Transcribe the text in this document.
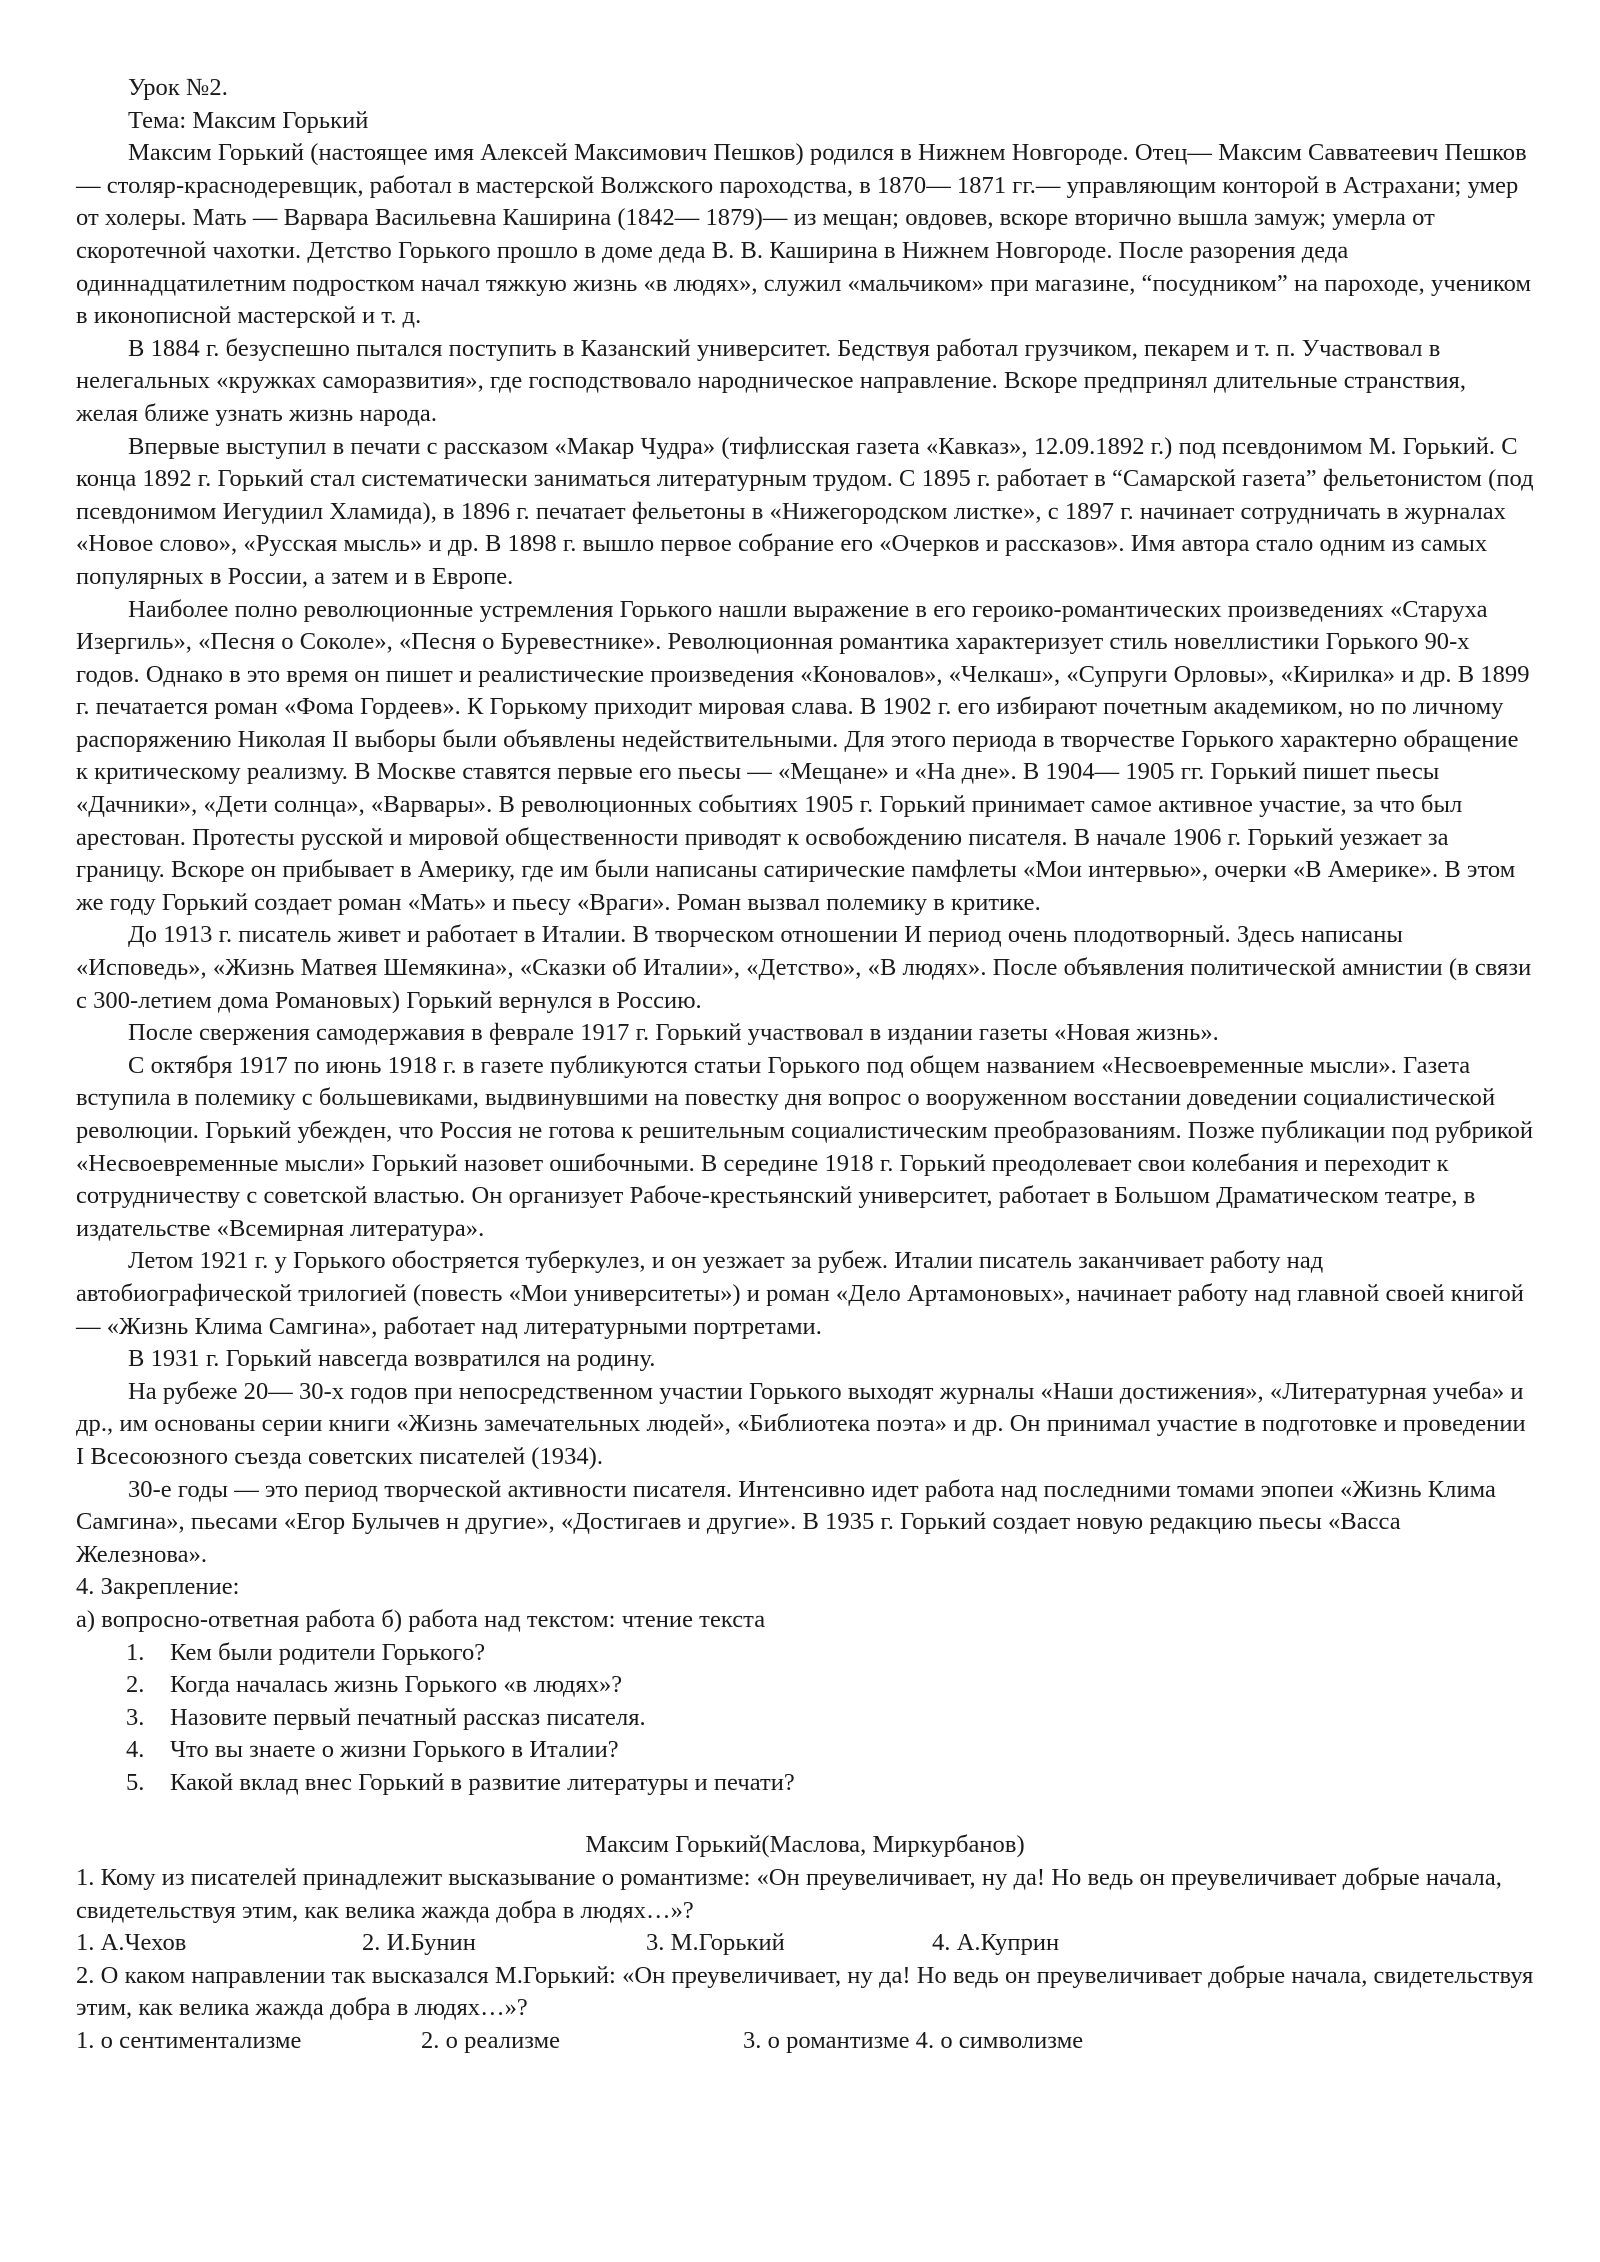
Урок №2.

Тема: Максим Горький

Максим Горький (настоящее имя Алексей Максимович Пешков) родился в Нижнем Новгороде. Отец— Максим Савватеевич Пешков— столяр-краснодеревщик, работал в мастерской Волжского пароходства, в 1870— 1871 гг.— управляющим конторой в Астрахани; умер от холеры. Мать — Варвара Васильевна Каширина (1842— 1879)— из мещан; овдовев, вскоре вторично вышла замуж; умерла от скоротечной чахотки. Детство Горького прошло в доме деда В. В. Каширина в Нижнем Новгороде. После разорения деда одиннадцатилетним подростком начал тяжкую жизнь «в людях», служил «мальчиком» при магазине, “посудником” на пароходе, учеником в иконописной мастерской и т. д.

В 1884 г. безуспешно пытался поступить в Казанский университет. Бедствуя работал грузчиком, пекарем и т. п. Участвовал в нелегальных «кружках саморазвития», где господствовало народническое направление. Вскоре предпринял длительные странствия, желая ближе узнать жизнь народа.

Впервые выступил в печати с рассказом «Макар Чудра» (тифлисская газета «Кавказ», 12.09.1892 г.) под псевдонимом М. Горький. С конца 1892 г. Горький стал систематически заниматься литературным трудом. С 1895 г. работает в “Самарской газета” фельетонистом (под псевдонимом Иегудиил Хламида), в 1896 г. печатает фельетоны в «Нижегородском листке», с 1897 г. начинает сотрудничать в журналах «Новое слово», «Русская мысль» и др. В 1898 г. вышло первое собрание его «Очерков и рассказов». Имя автора стало одним из самых популярных в России, а затем и в Европе.

Наиболее полно революционные устремления Горького нашли выражение в его героико-романтических произведениях «Старуха Изергиль», «Песня о Соколе», «Песня о Буревестнике». Революционная романтика характеризует стиль новеллистики Горького 90-х годов. Однако в это время он пишет и реалистические произведения «Коновалов», «Челкаш», «Супруги Орловы», «Кирилка» и др. В 1899 г. печатается роман «Фома Гордеев». К Горькому приходит мировая слава. В 1902 г. его избирают почетным академиком, но по личному распоряжению Николая II выборы были объявлены недействительными. Для этого периода в творчестве Горького характерно обращение к критическому реализму. В Москве ставятся первые его пьесы — «Мещане» и «На дне». В 1904— 1905 гг. Горький пишет пьесы «Дачники», «Дети солнца», «Варвары». В революционных событиях 1905 г. Горький принимает самое активное участие, за что был арестован. Протесты русской и мировой общественности приводят к освобождению писателя. В начале 1906 г. Горький уезжает за границу. Вскоре он прибывает в Америку, где им были написаны сатирические памфлеты «Мои интервью», очерки «В Америке». В этом же году Горький создает роман «Мать» и пьесу «Враги». Роман вызвал полемику в критике.

До 1913 г. писатель живет и работает в Италии. В творческом отношении И период очень плодотворный. Здесь написаны «Исповедь», «Жизнь Матвея Шемякина», «Сказки об Италии», «Детство», «В людях». После объявления политической амнистии (в связи с 300-летием дома Романовых) Горький вернулся в Россию.

После свержения самодержавия в феврале 1917 г. Горький участвовал в издании газеты «Новая жизнь».

С октября 1917 по июнь 1918 г. в газете публикуются статьи Горького под общем названием «Несвоевременные мысли». Газета вступила в полемику с большевиками, выдвинувшими на повестку дня вопрос о вооруженном восстании доведении социалистической революции. Горький убежден, что Россия не готова к решительным социалистическим преобразованиям. Позже публикации под рубрикой «Несвоевременные мысли» Горький назовет ошибочными. В середине 1918 г. Горький преодолевает свои колебания и переходит к сотрудничеству с советской властью. Он организует Рабоче-крестьянский университет, работает в Большом Драматическом театре, в издательстве «Всемирная литература».

Летом 1921 г. у Горького обостряется туберкулез, и он уезжает за рубеж. Италии писатель заканчивает работу над автобиографической трилогией (повесть «Мои университеты») и роман «Дело Артамоновых», начинает работу над главной своей книгой — «Жизнь Клима Самгина», работает над литературными портретами.

В 1931 г. Горький навсегда возвратился на родину.

На рубеже 20— 30-х годов при непосредственном участии Горького выходят журналы «Наши достижения», «Литературная учеба» и др., им основаны серии книги «Жизнь замечательных людей», «Библиотека поэта» и др. Он принимал участие в подготовке и проведении I Всесоюзного съезда советских писателей (1934).

30-е годы — это период творческой активности писателя. Интенсивно идет работа над последними томами эпопеи «Жизнь Клима Самгина», пьесами «Егор Булычев н другие», «Достигаев и другие». В 1935 г. Горький создает новую редакцию пьесы «Васса Железнова».

4. Закрепление:

а) вопросно-ответная работа б) работа над текстом: чтение текста

1.	Кем были родители Горького?
2.	Когда началась жизнь Горького «в людях»?
3.	Назовите первый печатный рассказ писателя.
4.	Что вы знаете о жизни Горького в Италии?
5.	Какой вклад внес Горький в развитие литературы и печати?

Максим Горький(Маслова, Миркурбанов)

1. Кому из писателей принадлежит высказывание о романтизме: «Он преувеличивает, ну да! Но ведь он преувеличивает добрые начала, свидетельствуя этим, как велика жажда добра в людях…»?

1. А.Чехов	2. И.Бунин	3. М.Горький	4. А.Куприн

2. О каком направлении так высказался М.Горький: «Он преувеличивает, ну да! Но ведь он преувеличивает добрые начала, свидетельствуя этим, как велика жажда добра в людях…»?

1. о сентиментализме	2. о реализме	3. о романтизме 4. о символизме
